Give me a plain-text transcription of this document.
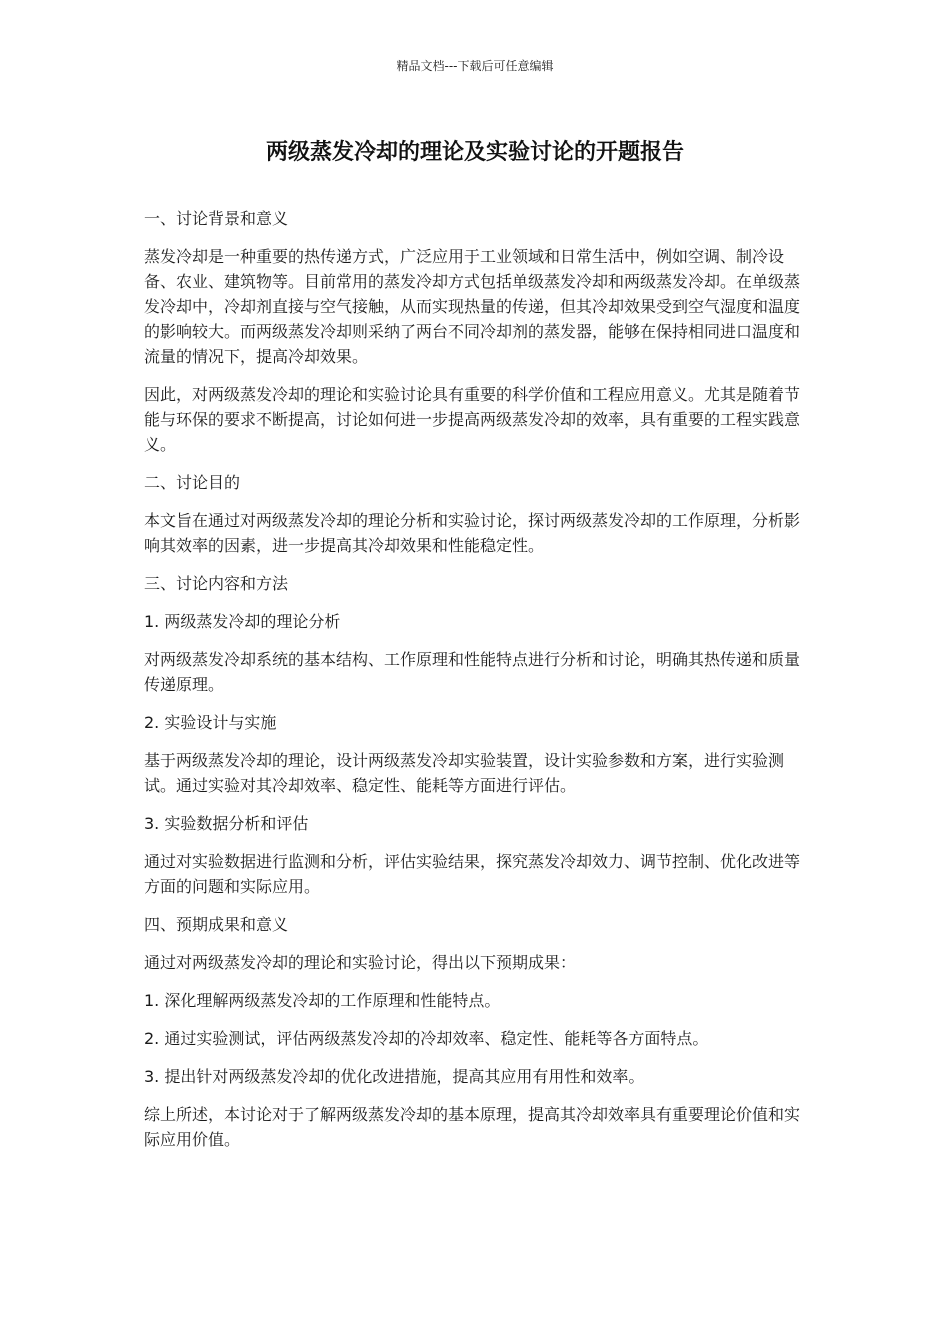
精品文档---下载后可任意编辑
两级蒸发冷却的理论及实验讨论的开题报告

一、讨论背景和意义

蒸发冷却是一种重要的热传递方式，广泛应用于工业领域和日常生活中，例如空调、制冷设备、农业、建筑物等。目前常用的蒸发冷却方式包括单级蒸发冷却和两级蒸发冷却。在单级蒸发冷却中，冷却剂直接与空气接触，从而实现热量的传递，但其冷却效果受到空气湿度和温度的影响较大。而两级蒸发冷却则采纳了两台不同冷却剂的蒸发器，能够在保持相同进口温度和流量的情况下，提高冷却效果。

因此，对两级蒸发冷却的理论和实验讨论具有重要的科学价值和工程应用意义。尤其是随着节能与环保的要求不断提高，讨论如何进一步提高两级蒸发冷却的效率，具有重要的工程实践意义。

二、讨论目的

本文旨在通过对两级蒸发冷却的理论分析和实验讨论，探讨两级蒸发冷却的工作原理，分析影响其效率的因素，进一步提高其冷却效果和性能稳定性。

三、讨论内容和方法

1. 两级蒸发冷却的理论分析

对两级蒸发冷却系统的基本结构、工作原理和性能特点进行分析和讨论，明确其热传递和质量传递原理。

2. 实验设计与实施

基于两级蒸发冷却的理论，设计两级蒸发冷却实验装置，设计实验参数和方案，进行实验测试。通过实验对其冷却效率、稳定性、能耗等方面进行评估。

3. 实验数据分析和评估

通过对实验数据进行监测和分析，评估实验结果，探究蒸发冷却效力、调节控制、优化改进等方面的问题和实际应用。

四、预期成果和意义

通过对两级蒸发冷却的理论和实验讨论，得出以下预期成果：

1. 深化理解两级蒸发冷却的工作原理和性能特点。

2. 通过实验测试，评估两级蒸发冷却的冷却效率、稳定性、能耗等各方面特点。

3. 提出针对两级蒸发冷却的优化改进措施，提高其应用有用性和效率。

综上所述，本讨论对于了解两级蒸发冷却的基本原理，提高其冷却效率具有重要理论价值和实际应用价值。
